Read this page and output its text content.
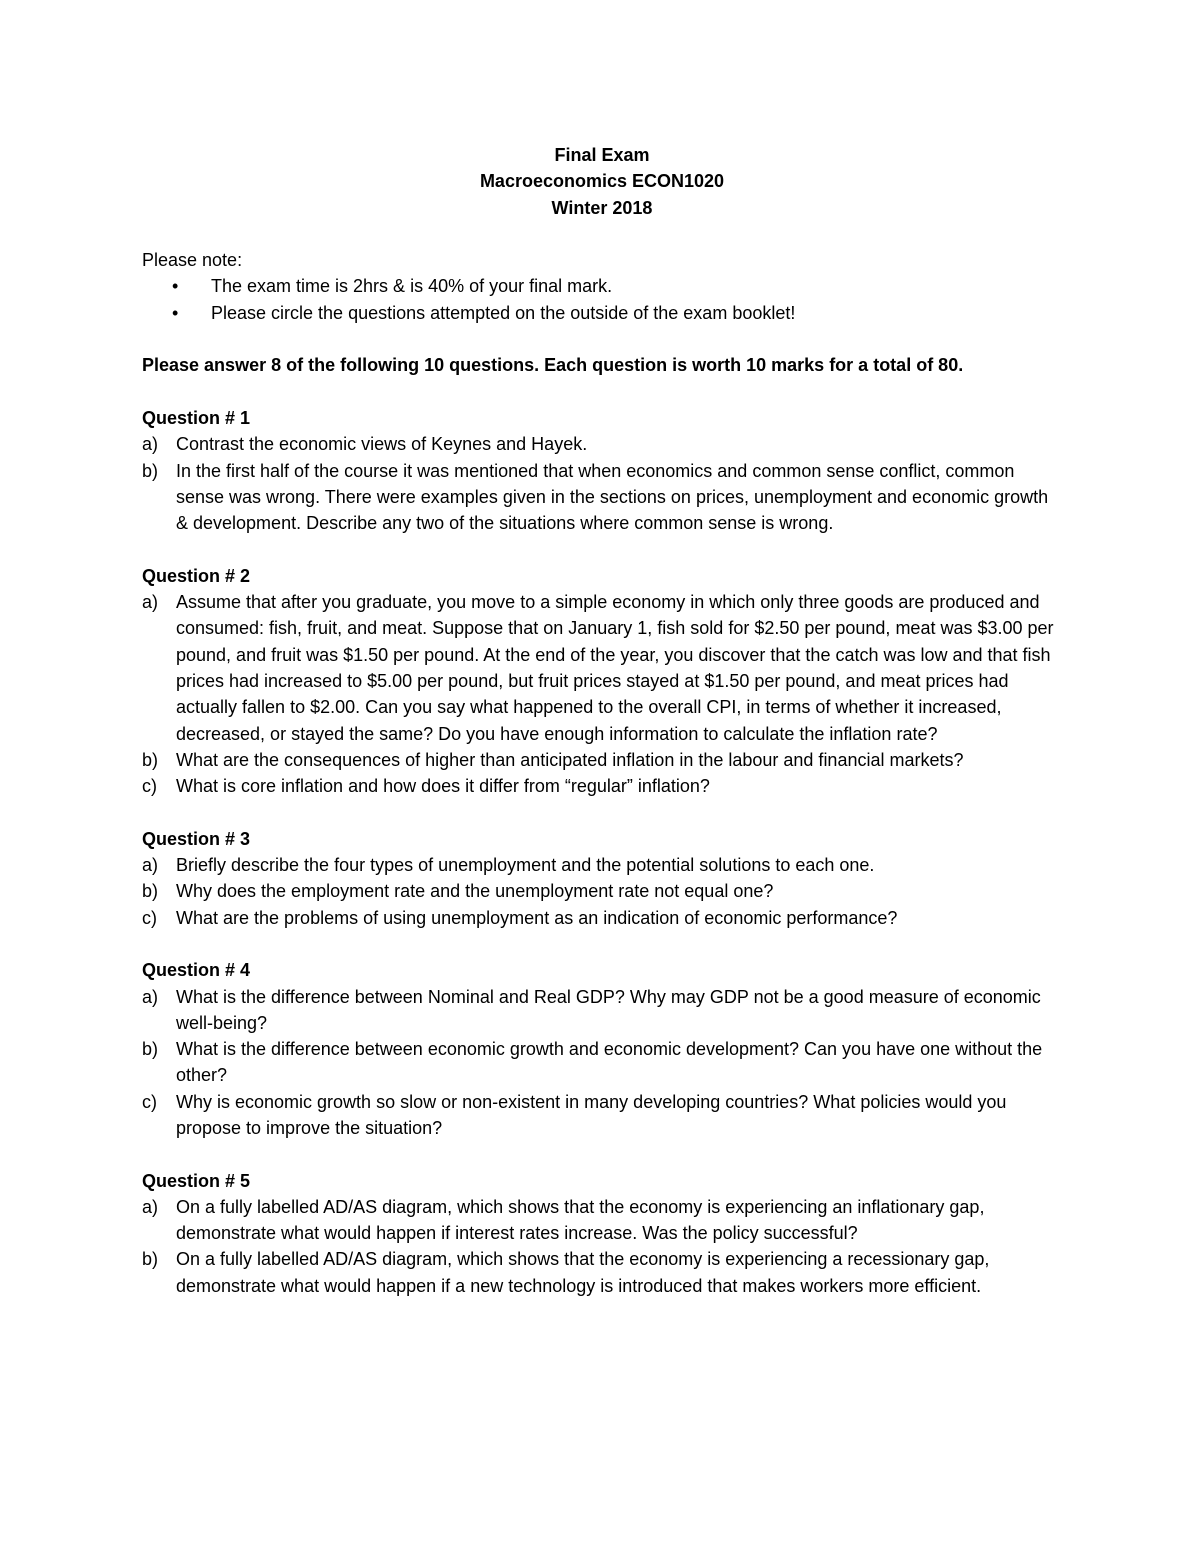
Final Exam
Macroeconomics ECON1020
Winter 2018
Please note:
• The exam time is 2hrs & is 40% of your final mark.
• Please circle the questions attempted on the outside of the exam booklet!
Please answer 8 of the following 10 questions. Each question is worth 10 marks for a total of 80.
Question # 1
a) Contrast the economic views of Keynes and Hayek.
b) In the first half of the course it was mentioned that when economics and common sense conflict, common sense was wrong. There were examples given in the sections on prices, unemployment and economic growth & development. Describe any two of the situations where common sense is wrong.
Question # 2
a) Assume that after you graduate, you move to a simple economy in which only three goods are produced and consumed: fish, fruit, and meat. Suppose that on January 1, fish sold for $2.50 per pound, meat was $3.00 per pound, and fruit was $1.50 per pound. At the end of the year, you discover that the catch was low and that fish prices had increased to $5.00 per pound, but fruit prices stayed at $1.50 per pound, and meat prices had actually fallen to $2.00. Can you say what happened to the overall CPI, in terms of whether it increased, decreased, or stayed the same? Do you have enough information to calculate the inflation rate?
b) What are the consequences of higher than anticipated inflation in the labour and financial markets?
c) What is core inflation and how does it differ from “regular” inflation?
Question # 3
a) Briefly describe the four types of unemployment and the potential solutions to each one.
b) Why does the employment rate and the unemployment rate not equal one?
c) What are the problems of using unemployment as an indication of economic performance?
Question # 4
a) What is the difference between Nominal and Real GDP? Why may GDP not be a good measure of economic well-being?
b) What is the difference between economic growth and economic development? Can you have one without the other?
c) Why is economic growth so slow or non-existent in many developing countries? What policies would you propose to improve the situation?
Question # 5
a) On a fully labelled AD/AS diagram, which shows that the economy is experiencing an inflationary gap, demonstrate what would happen if interest rates increase. Was the policy successful?
b) On a fully labelled AD/AS diagram, which shows that the economy is experiencing a recessionary gap, demonstrate what would happen if a new technology is introduced that makes workers more efficient.
